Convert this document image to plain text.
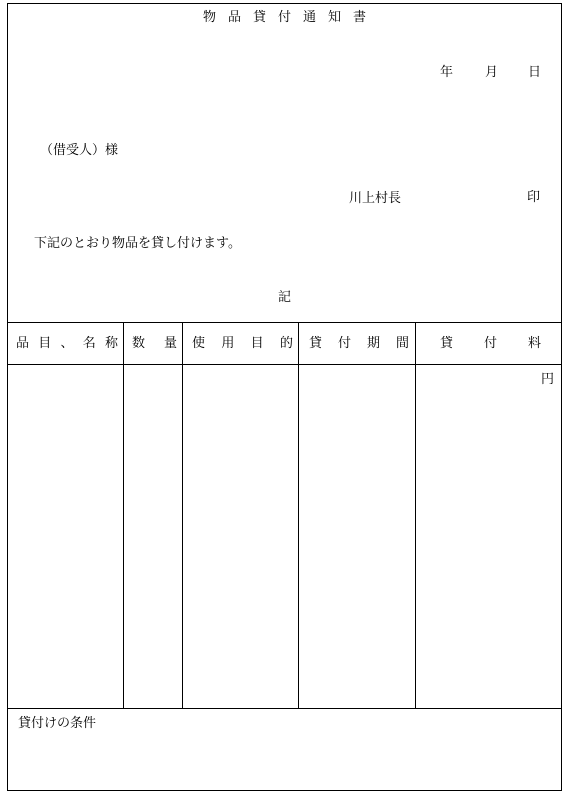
物品貸付通知書
年 月 日
（借受人）様
川上村長	印
下記のとおり物品を貸し付けます。
記
品 目 、 名 称 数 量 使 用 目 的 貸 付 期 間 貸 付 料
円
貸付けの条件
